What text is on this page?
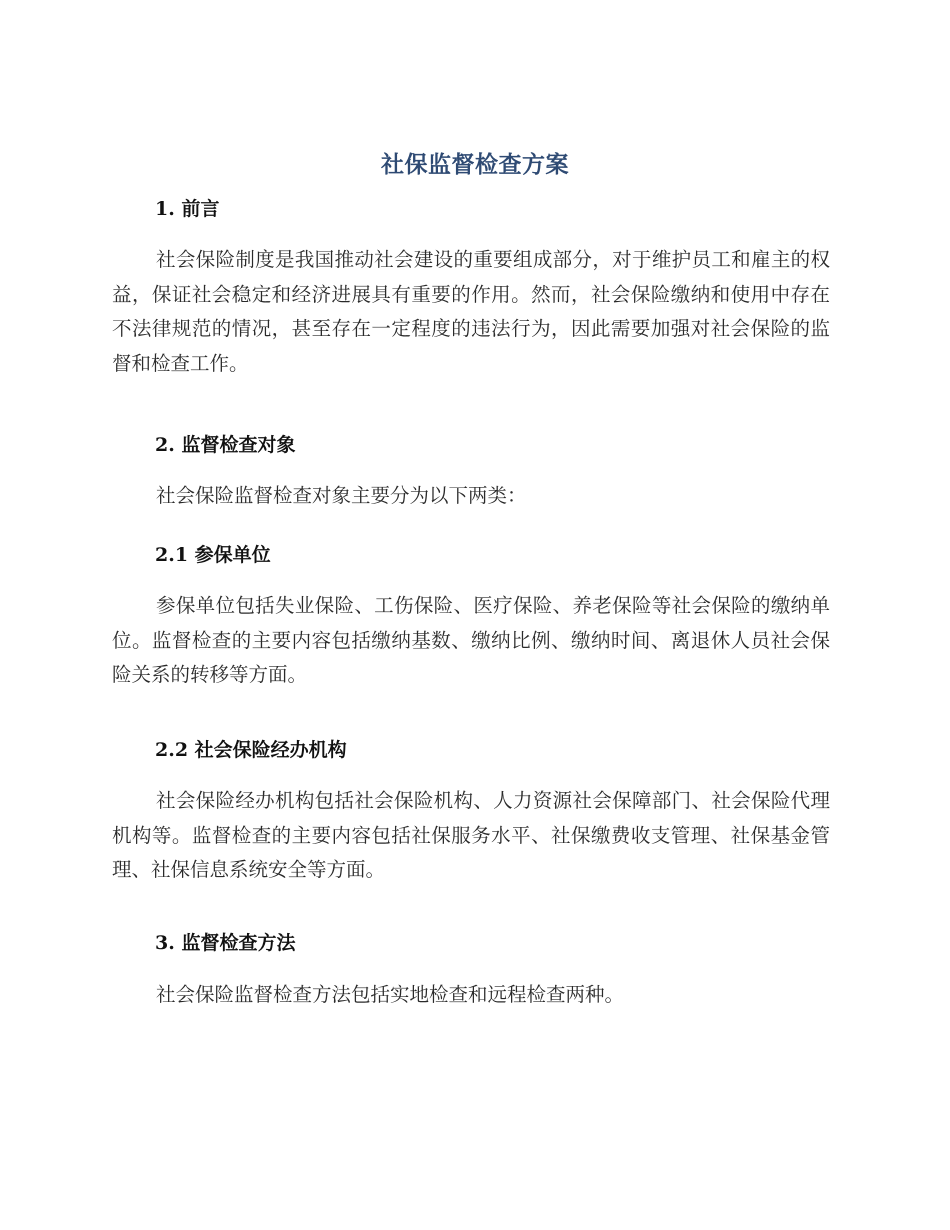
社保监督检查方案
1. 前言
社会保险制度是我国推动社会建设的重要组成部分，对于维护员工和雇主的权益，保证社会稳定和经济进展具有重要的作用。然而，社会保险缴纳和使用中存在不法律规范的情况，甚至存在一定程度的违法行为，因此需要加强对社会保险的监督和检查工作。
2. 监督检查对象
社会保险监督检查对象主要分为以下两类：
2.1 参保单位
参保单位包括失业保险、工伤保险、医疗保险、养老保险等社会保险的缴纳单位。监督检查的主要内容包括缴纳基数、缴纳比例、缴纳时间、离退休人员社会保险关系的转移等方面。
2.2 社会保险经办机构
社会保险经办机构包括社会保险机构、人力资源社会保障部门、社会保险代理机构等。监督检查的主要内容包括社保服务水平、社保缴费收支管理、社保基金管理、社保信息系统安全等方面。
3. 监督检查方法
社会保险监督检查方法包括实地检查和远程检查两种。
